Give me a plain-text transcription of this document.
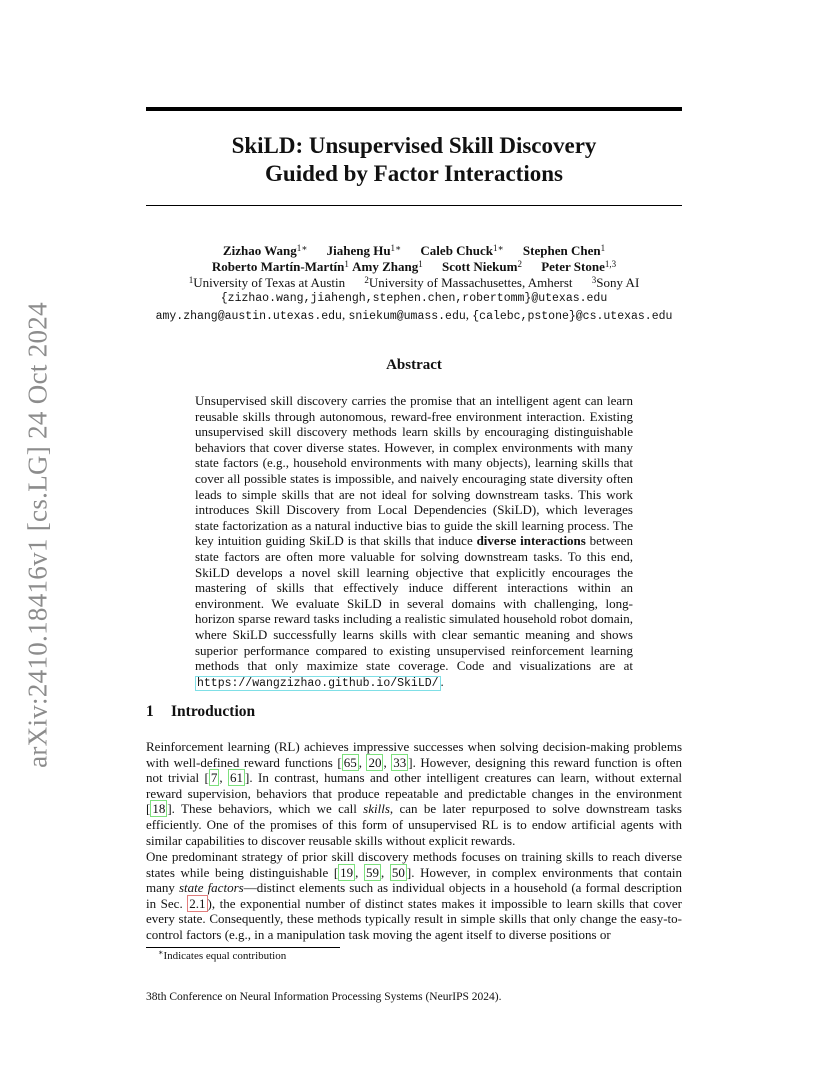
arXiv:2410.18416v1 [cs.LG] 24 Oct 2024
SkiLD: Unsupervised Skill Discovery
Guided by Factor Interactions
Zizhao Wang$^{1∗}$ Jiaheng $Hu^{1∗}$ Caleb Chuck$^{1∗}$ Stephen Chen$^1$
Roberto Martín-Martín$^1$ Amy Zhang$^1$ Scott Niekum$^2$ Peter Stone$^{1,3}$
$^1$University of Texas at Austin $^2$University of Massachusettes, Amherst $^3$Sony AI
{zizhao.wang,jiahengh,stephen.chen,robertomm}@utexas.edu
amy.zhang@austin.utexas.edu, sniekum@umass.edu, {calebc,pstone}@cs.utexas.edu
Abstract
Unsupervised skill discovery carries the promise that an intelligent agent can learn reusable skills through autonomous, reward-free environment interaction. Existing unsupervised skill discovery methods learn skills by encouraging distinguishable behaviors that cover diverse states. However, in complex environments with many state factors (e.g., household environments with many objects), learning skills that cover all possible states is impossible, and naively encouraging state diversity often leads to simple skills that are not ideal for solving downstream tasks. This work introduces Skill Discovery from Local Dependencies (SkiLD), which leverages state factorization as a natural inductive bias to guide the skill learning process. The key intuition guiding SkiLD is that skills that induce diverse interactions between state factors are often more valuable for solving downstream tasks. To this end, SkiLD develops a novel skill learning objective that explicitly encourages the mastering of skills that effectively induce different interactions within an environment. We evaluate SkiLD in several domains with challenging, long-horizon sparse reward tasks including a realistic simulated household robot domain, where SkiLD successfully learns skills with clear semantic meaning and shows superior performance compared to existing unsupervised reinforcement learning methods that only maximize state coverage. Code and visualizations are at https://wangzizhao.github.io/SkiLD/ .
1 Introduction
Reinforcement learning (RL) achieves impressive successes when solving decision-making problems with well-defined reward functions [ 65 , 20 , 33 ]. However, designing this reward function is often not trivial [ 7 , 61 ]. In contrast, humans and other intelligent creatures can learn, without external reward supervision, behaviors that produce repeatable and predictable changes in the environment [ 18 ]. These behaviors, which we call skills, can be later repurposed to solve downstream tasks efficiently. One of the promises of this form of unsupervised RL is to endow artificial agents with similar capabilities to discover reusable skills without explicit rewards.
One predominant strategy of prior skill discovery methods focuses on training skills to reach diverse states while being distinguishable [ 19 , 59 , 50 ]. However, in complex environments that contain many state factors—distinct elements such as individual objects in a household (a formal description in Sec. 2.1 ), the exponential number of distinct states makes it impossible to learn skills that cover every state. Consequently, these methods typically result in simple skills that only change the easy-to-control factors (e.g., in a manipulation task moving the agent itself to diverse positions or
∗Indicates equal contribution
38th Conference on Neural Information Processing Systems (NeurIPS 2024).
